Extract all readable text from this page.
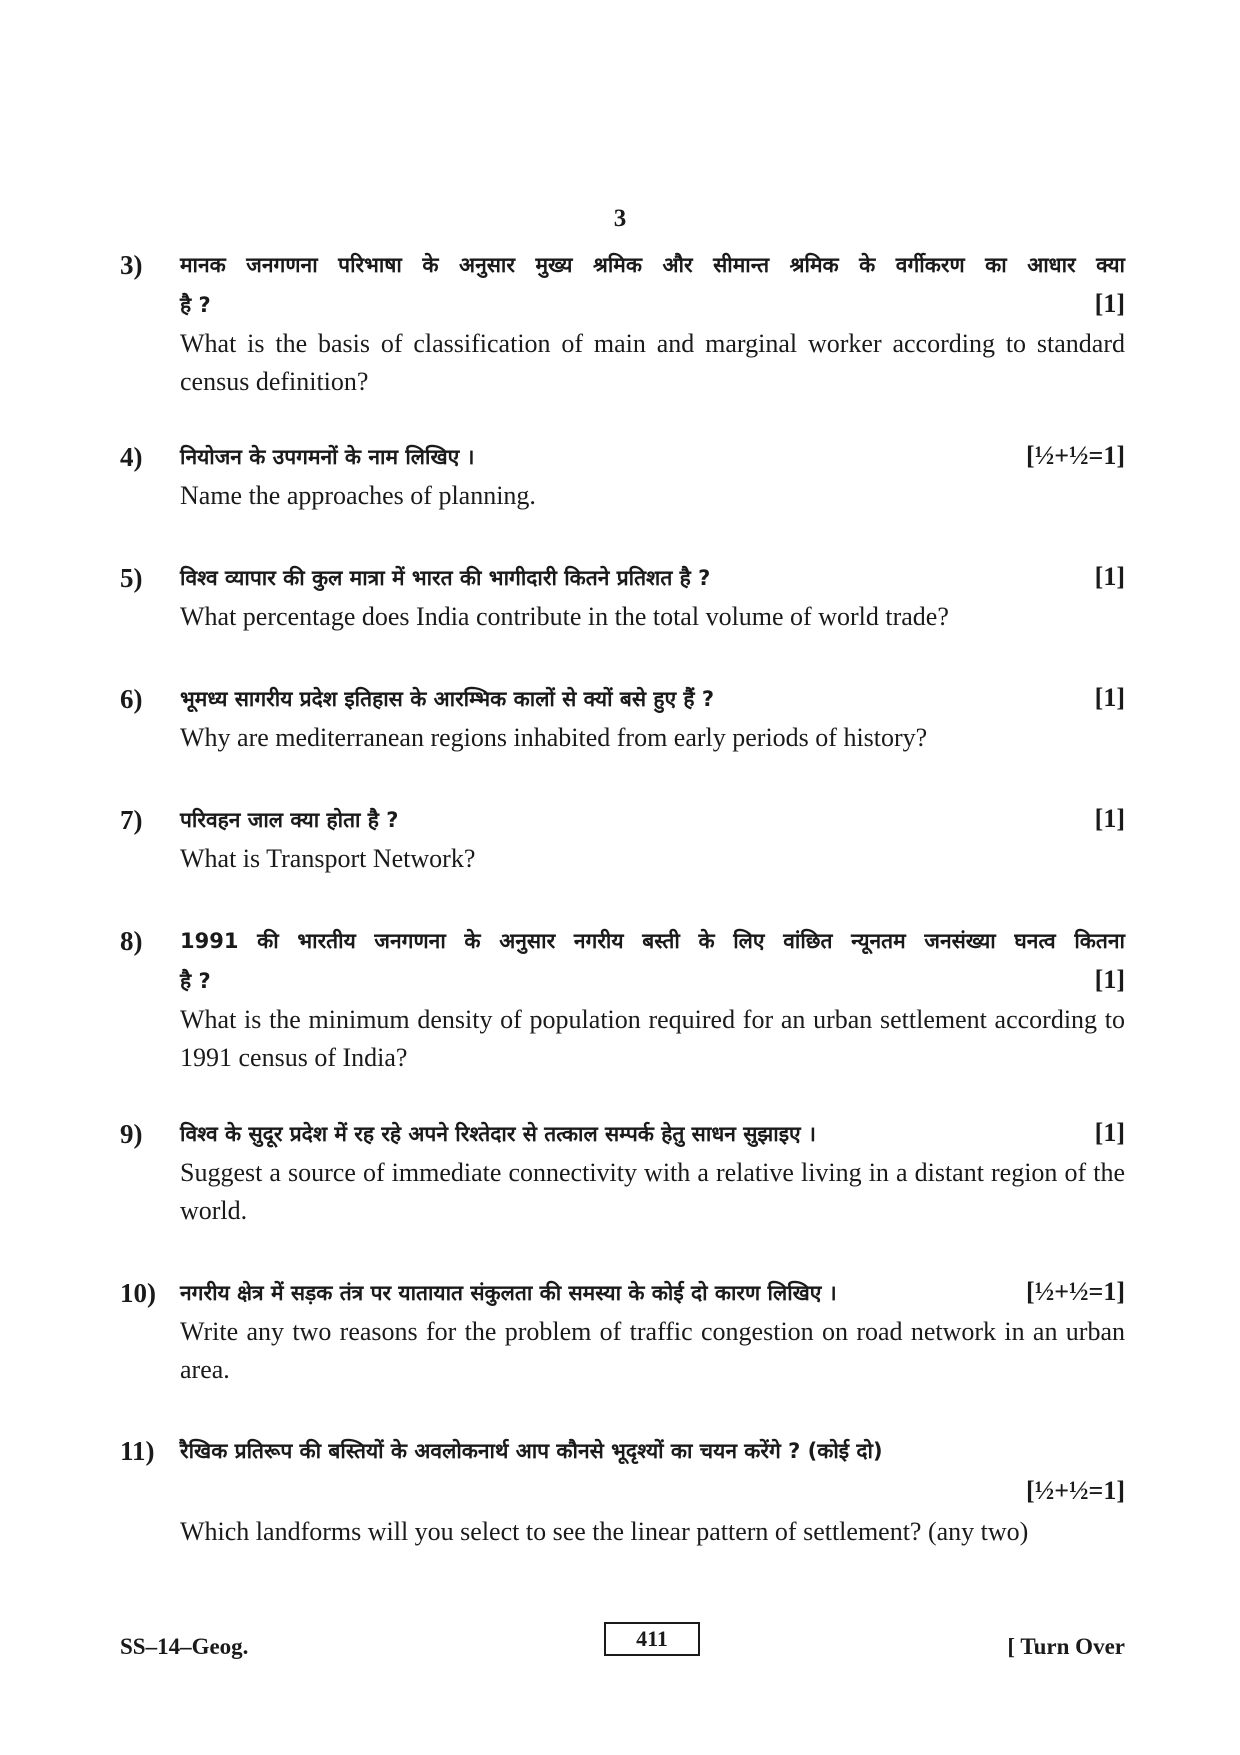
3
3)	मानक जनगणना परिभाषा के अनुसार मुख्य श्रमिक और सीमान्त श्रमिक के वर्गीकरण का आधार क्या
है ?	[1]
What is the basis of classification of main and marginal worker according to standard census definition?
4)	नियोजन के उपगमनों के नाम लिखिए ।	[½+½=1]
Name the approaches of planning.
5)	विश्व व्यापार की कुल मात्रा में भारत की भागीदारी कितने प्रतिशत है ?	[1]
What percentage does India contribute in the total volume of world trade?
6)	भूमध्य सागरीय प्रदेश इतिहास के आरम्भिक कालों से क्यों बसे हुए हैं ?	[1]
Why are mediterranean regions inhabited from early periods of history?
7)	परिवहन जाल क्या होता है ?	[1]
What is Transport Network?
8)	1991 की भारतीय जनगणना के अनुसार नगरीय बस्ती के लिए वांछित न्यूनतम जनसंख्या घनत्व कितना
है ?	[1]
What is the minimum density of population required for an urban settlement according to 1991 census of India?
9)	विश्व के सुदूर प्रदेश में रह रहे अपने रिश्तेदार से तत्काल सम्पर्क हेतु साधन सुझाइए ।	[1]
Suggest a source of immediate connectivity with a relative living in a distant region of the world.
10)	नगरीय क्षेत्र में सड़क तंत्र पर यातायात संकुलता की समस्या के कोई दो कारण लिखिए ।	[½+½=1]
Write any two reasons for the problem of traffic congestion on road network in an urban area.
11)	रैखिक प्रतिरूप की बस्तियों के अवलोकनार्थ आप कौनसे भूदृश्यों का चयन करेंगे ? (कोई दो)
[½+½=1]
Which landforms will you select to see the linear pattern of settlement? (any two)
SS–14–Geog.	411	[ Turn Over
